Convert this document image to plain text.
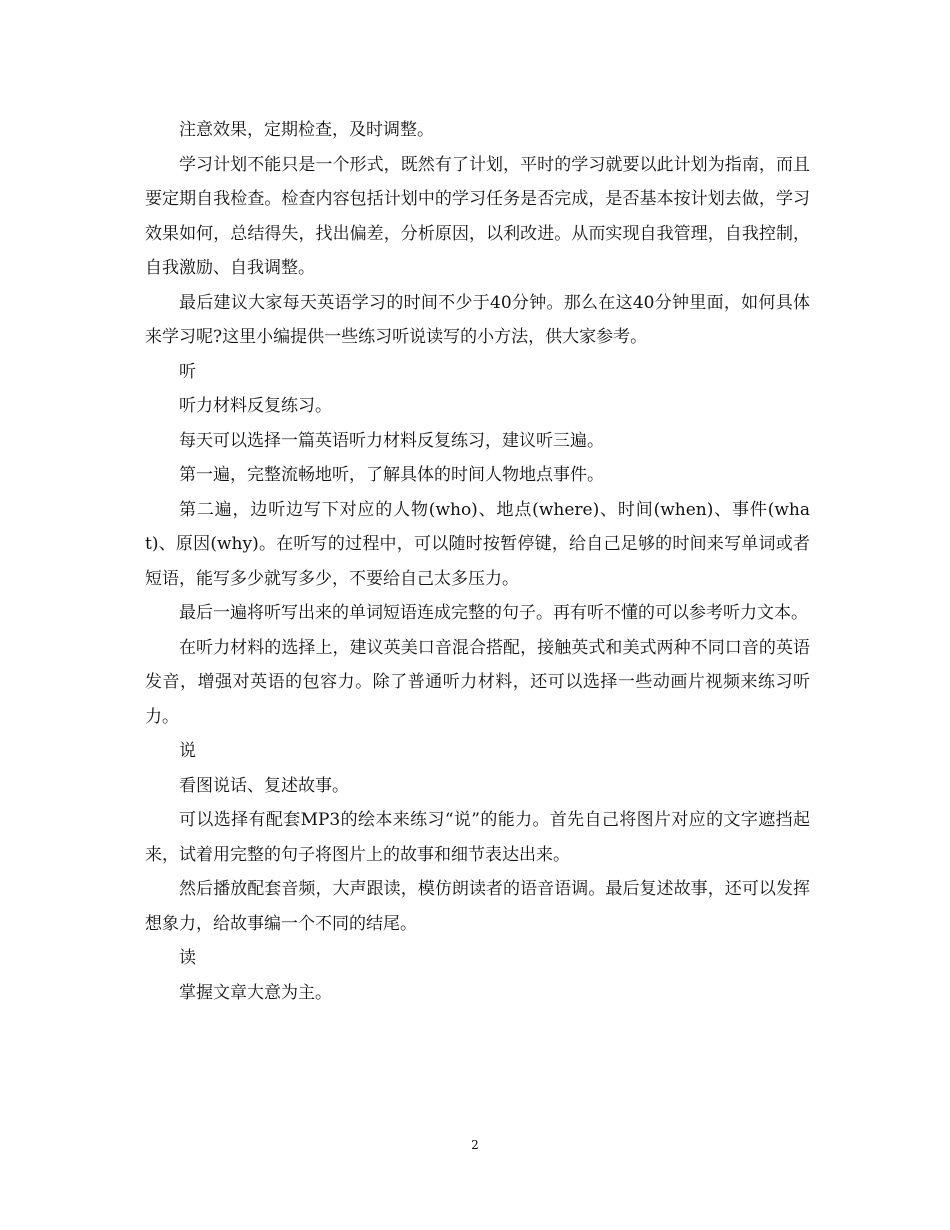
注意效果，定期检查，及时调整。

学习计划不能只是一个形式，既然有了计划，平时的学习就要以此计划为指南，而且要定期自我检查。检查内容包括计划中的学习任务是否完成，是否基本按计划去做，学习效果如何，总结得失，找出偏差，分析原因，以利改进。从而实现自我管理，自我控制，自我激励、自我调整。

最后建议大家每天英语学习的时间不少于40分钟。那么在这40分钟里面，如何具体来学习呢?这里小编提供一些练习听说读写的小方法，供大家参考。

听

听力材料反复练习。

每天可以选择一篇英语听力材料反复练习，建议听三遍。

第一遍，完整流畅地听，了解具体的时间人物地点事件。

第二遍，边听边写下对应的人物(who)、地点(where)、时间(when)、事件(what)、原因(why)。在听写的过程中，可以随时按暂停键，给自己足够的时间来写单词或者短语，能写多少就写多少，不要给自己太多压力。

最后一遍将听写出来的单词短语连成完整的句子。再有听不懂的可以参考听力文本。

在听力材料的选择上，建议英美口音混合搭配，接触英式和美式两种不同口音的英语发音，增强对英语的包容力。除了普通听力材料，还可以选择一些动画片视频来练习听力。

说

看图说话、复述故事。

可以选择有配套MP3的绘本来练习“说”的能力。首先自己将图片对应的文字遮挡起来，试着用完整的句子将图片上的故事和细节表达出来。

然后播放配套音频，大声跟读，模仿朗读者的语音语调。最后复述故事，还可以发挥想象力，给故事编一个不同的结尾。

读

掌握文章大意为主。

2
